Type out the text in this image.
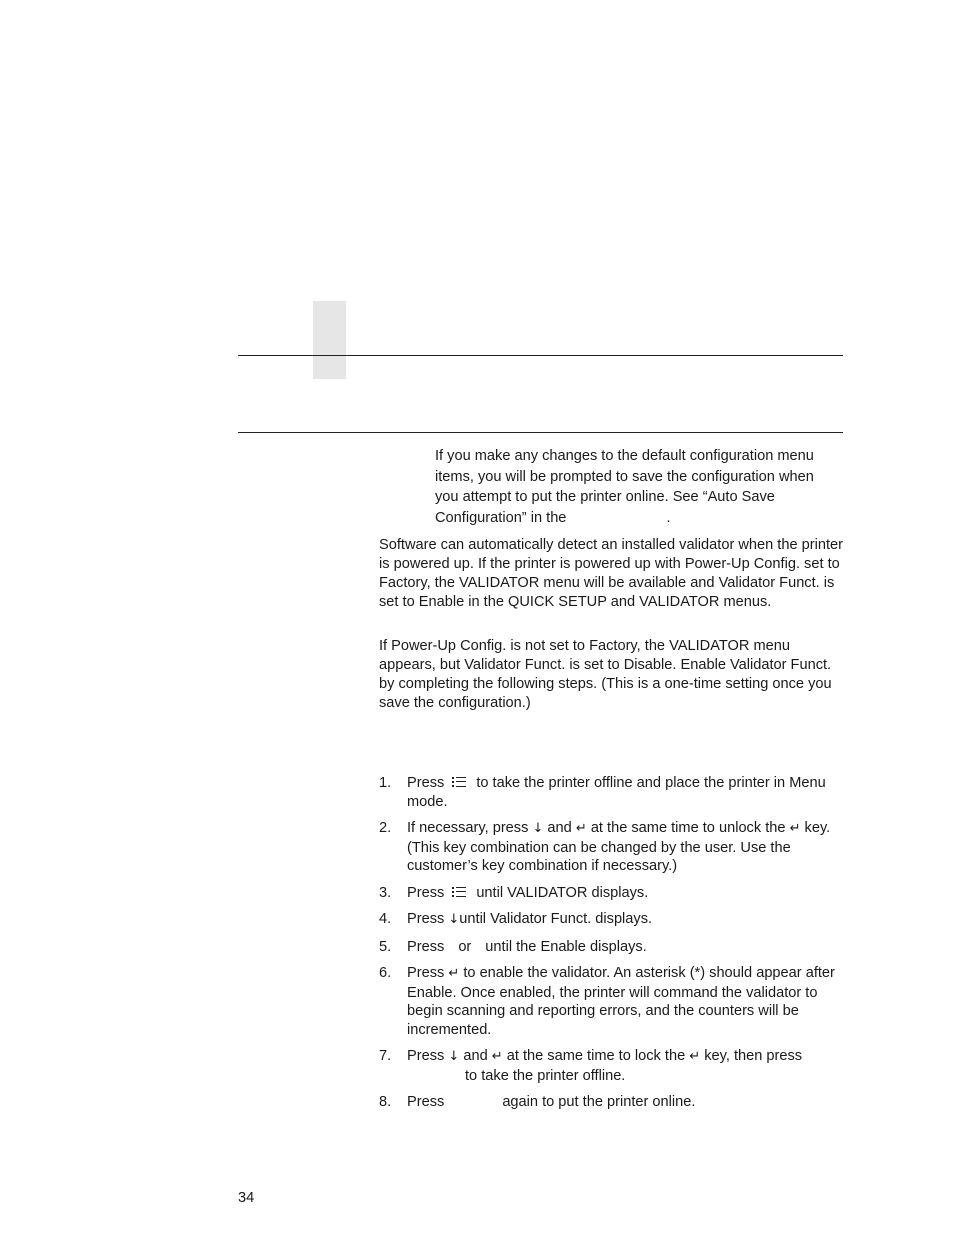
If you make any changes to the default configuration menu
items, you will be prompted to save the configuration when
you attempt to put the printer online. See “Auto Save
Configuration” in the	.

Software can automatically detect an installed validator when the printer is powered up. If the printer is powered up with Power-Up Config. set to Factory, the VALIDATOR menu will be available and Validator Funct. is set to Enable in the QUICK SETUP and VALIDATOR menus.

If Power-Up Config. is not set to Factory, the VALIDATOR menu appears, but Validator Funct. is set to Disable. Enable Validator Funct. by completing the following steps. (This is a one-time setting once you save the configuration.)

1. Press to take the printer offline and place the printer in Menu mode.
2. If necessary, press ↓ and ↵ at the same time to unlock the ↵ key. (This key combination can be changed by the user. Use the customer’s key combination if necessary.)
3. Press until VALIDATOR displays.
4. Press ↓until Validator Funct. displays.
5. Press or until the Enable displays.
6. Press ↵ to enable the validator. An asterisk (*) should appear after Enable. Once enabled, the printer will command the validator to begin scanning and reporting errors, and the counters will be incremented.
7. Press ↓ and ↵ at the same time to lock the ↵ key, then press
to take the printer offline.
8. Press	again to put the printer online.
34
